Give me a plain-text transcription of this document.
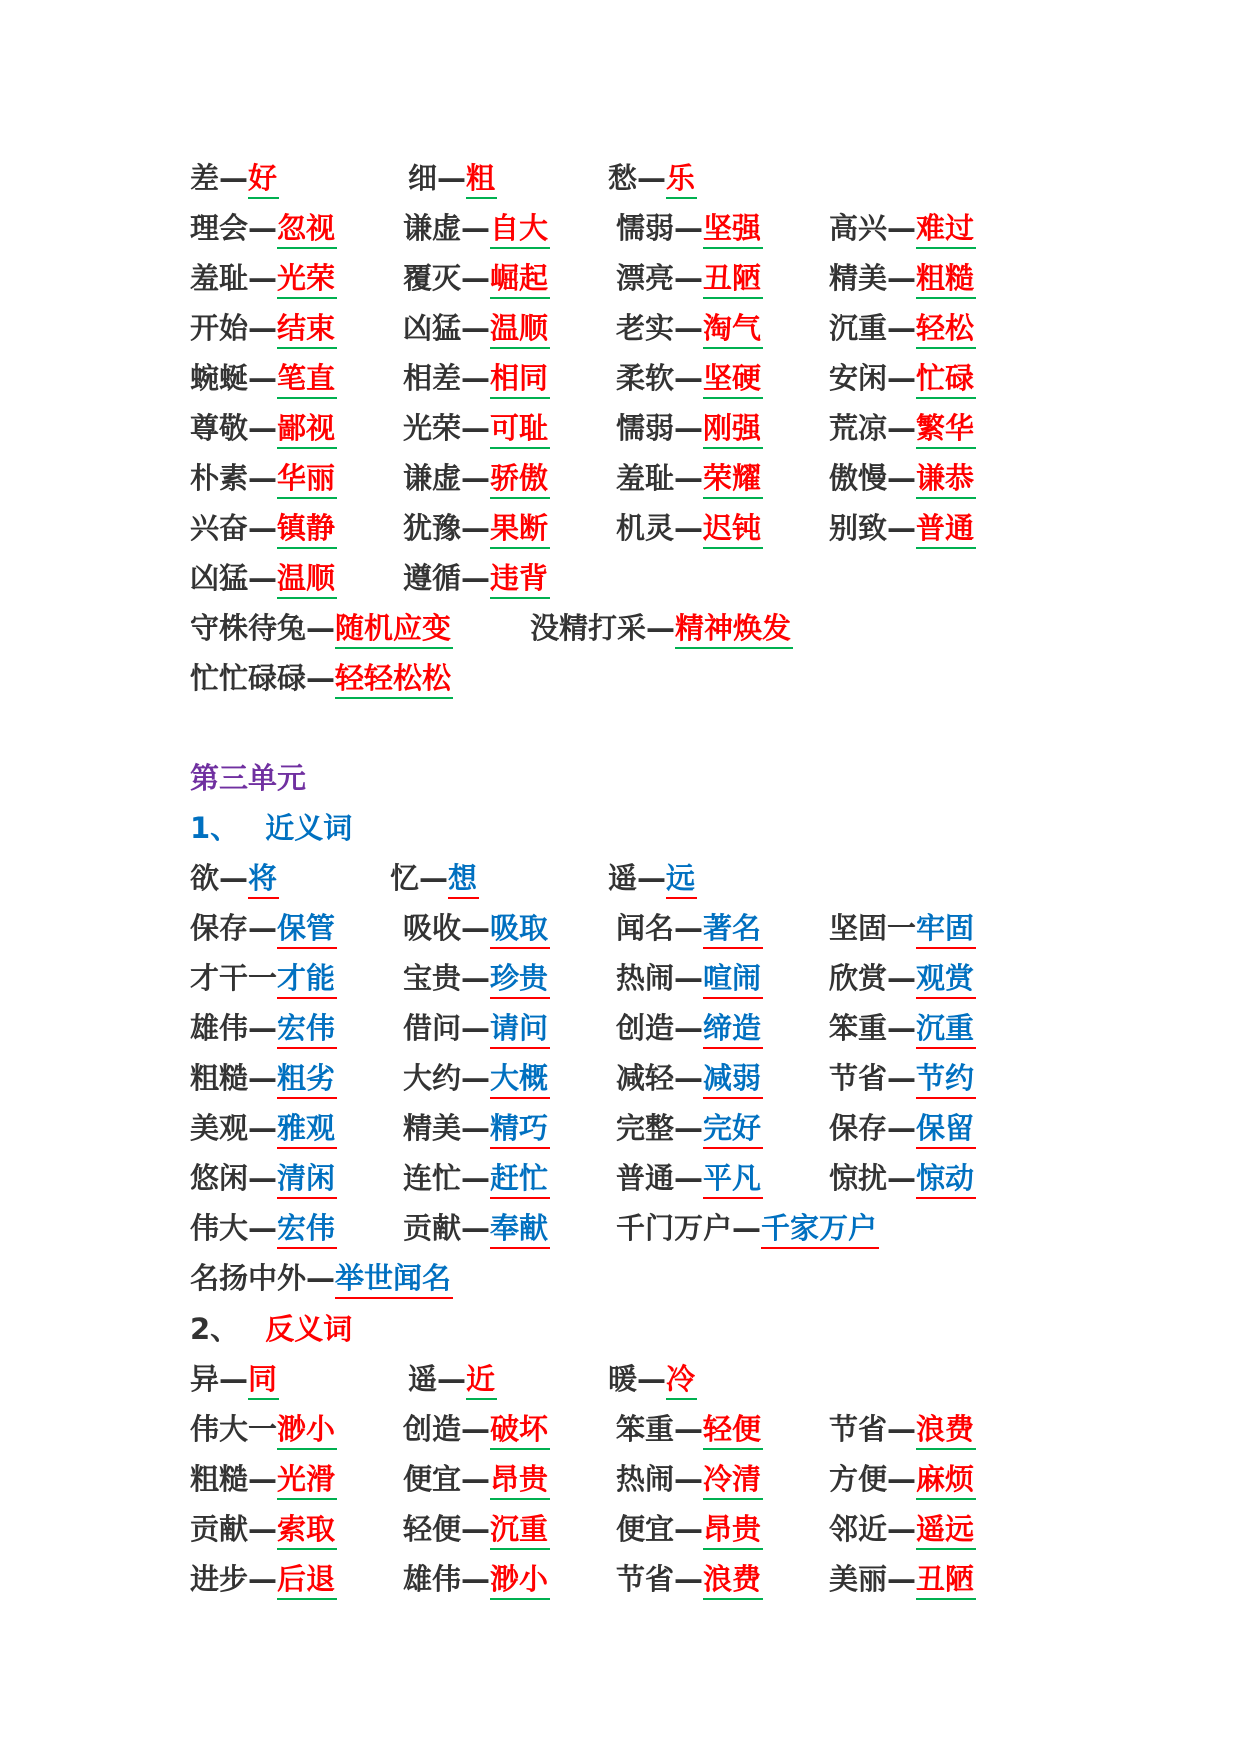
差—好	细—粗	愁—乐
理会—忽视 谦虚—自大 懦弱—坚强 高兴—难过
羞耻—光荣 覆灭—崛起 漂亮—丑陋 精美—粗糙
开始—结束 凶猛—温顺 老实—淘气 沉重—轻松
蜿蜒—笔直 相差—相同 柔软—坚硬 安闲—忙碌
尊敬—鄙视 光荣—可耻 懦弱—刚强 荒凉—繁华
朴素—华丽 谦虚—骄傲 羞耻—荣耀 傲慢—谦恭
兴奋—镇静 犹豫—果断 机灵—迟钝 别致—普通
凶猛—温顺 遵循—违背
守株待兔—随机应变	没精打采—精神焕发
忙忙碌碌—轻轻松松
第三单元
1、 近义词
欲—将	忆—想	遥—远
保存—保管 吸收—吸取 闻名—著名 坚固一牢固
才干一才能 宝贵—珍贵 热闹—喧闹 欣赏—观赏
雄伟—宏伟 借问—请问 创造—缔造 笨重—沉重
粗糙—粗劣 大约—大概 减轻—减弱 节省—节约
美观—雅观 精美—精巧 完整—完好 保存—保留
悠闲—清闲 连忙—赶忙 普通—平凡 惊扰—惊动
伟大—宏伟 贡献—奉献 千门万户—千家万户
名扬中外—举世闻名
2、 反义词
异—同	遥—近	暖—冷
伟大一渺小 创造—破坏 笨重—轻便 节省—浪费
粗糙—光滑 便宜—昂贵 热闹—冷清 方便—麻烦
贡献—索取 轻便—沉重 便宜—昂贵 邻近—遥远
进步—后退 雄伟—渺小 节省—浪费 美丽—丑陋
